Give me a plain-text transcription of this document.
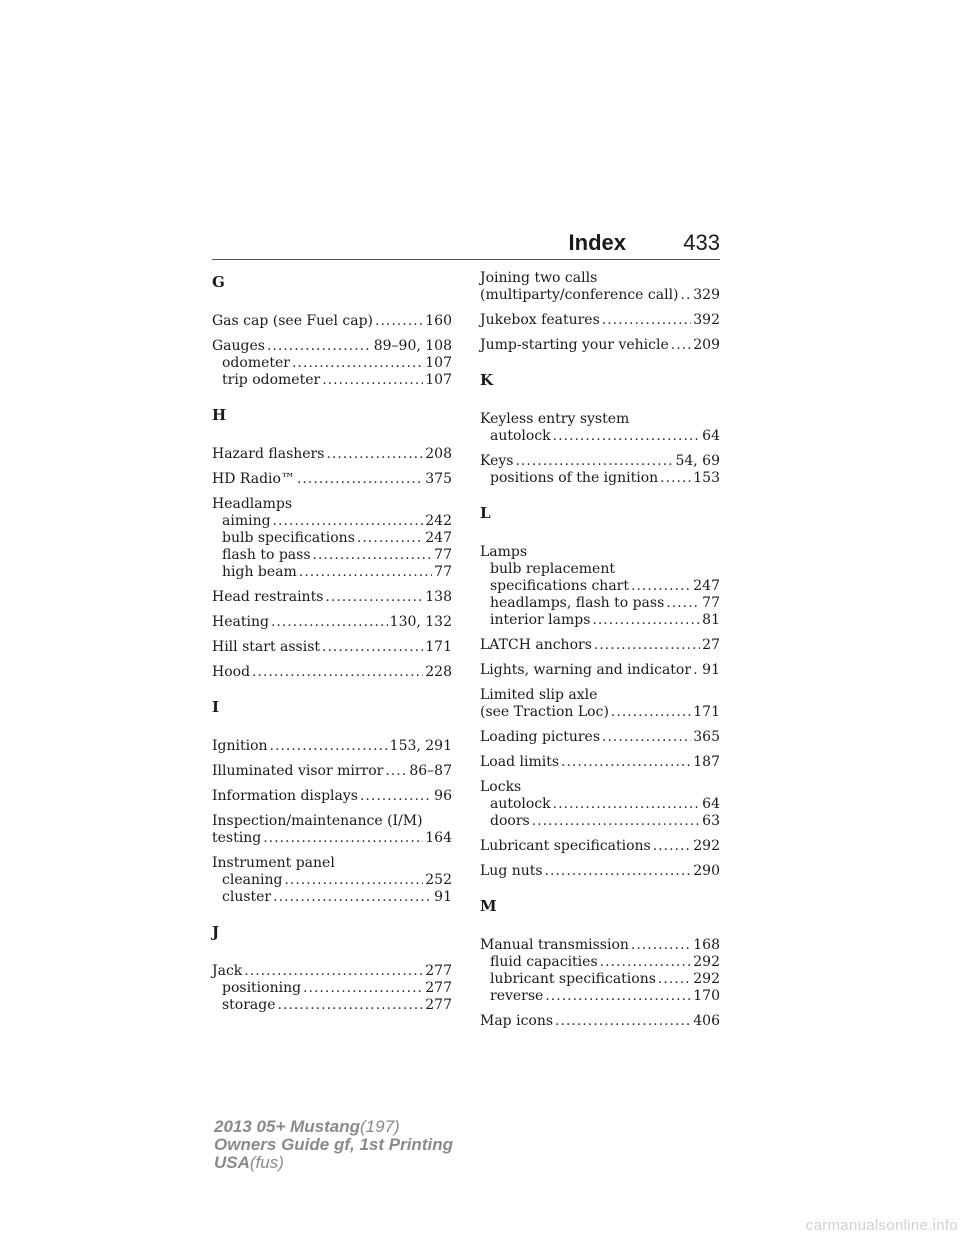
Index	433
G
Gas cap (see Fuel cap) .....	160
Gauges .....	89–90, 108
odometer .....	107
trip odometer .....	107
H
Hazard flashers .....	208
HD Radio™ .....	375
Headlamps
aiming .....	242
bulb specifications .....	247
flash to pass .....	77
high beam .....	77
Head restraints .....	138
Heating .....	130, 132
Hill start assist .....	171
Hood .....	228
I
Ignition .....	153, 291
Illuminated visor mirror ..... 86–87
Information displays .....	96
Inspection/maintenance (I/M)
testing .....	164
Instrument panel
cleaning .....	252
cluster .....	91
J
Jack .....	277
positioning .....	277
storage .....	277
Joining two calls
(multiparty/conference call) ..... 329
Jukebox features .....	392
Jump-starting your vehicle ..... 209
K
Keyless entry system
autolock .....	64
Keys .....	54, 69
positions of the ignition .....	153
L
Lamps
bulb replacement
specifications chart .....	247
headlamps, flash to pass .....	77
interior lamps .....	81
LATCH anchors .....	27
Lights, warning and indicator ..... 91
Limited slip axle
(see Traction Loc) .....	171
Loading pictures .....	365
Load limits .....	187
Locks
autolock .....	64
doors .....	63
Lubricant specifications .....	292
Lug nuts .....	290
M
Manual transmission .....	168
fluid capacities .....	292
lubricant specifications .....	292
reverse .....	170
Map icons .....	406
2013 05+ Mustang(197)
Owners Guide gf, 1st Printing
USA(fus)
carmanualsonline.info
